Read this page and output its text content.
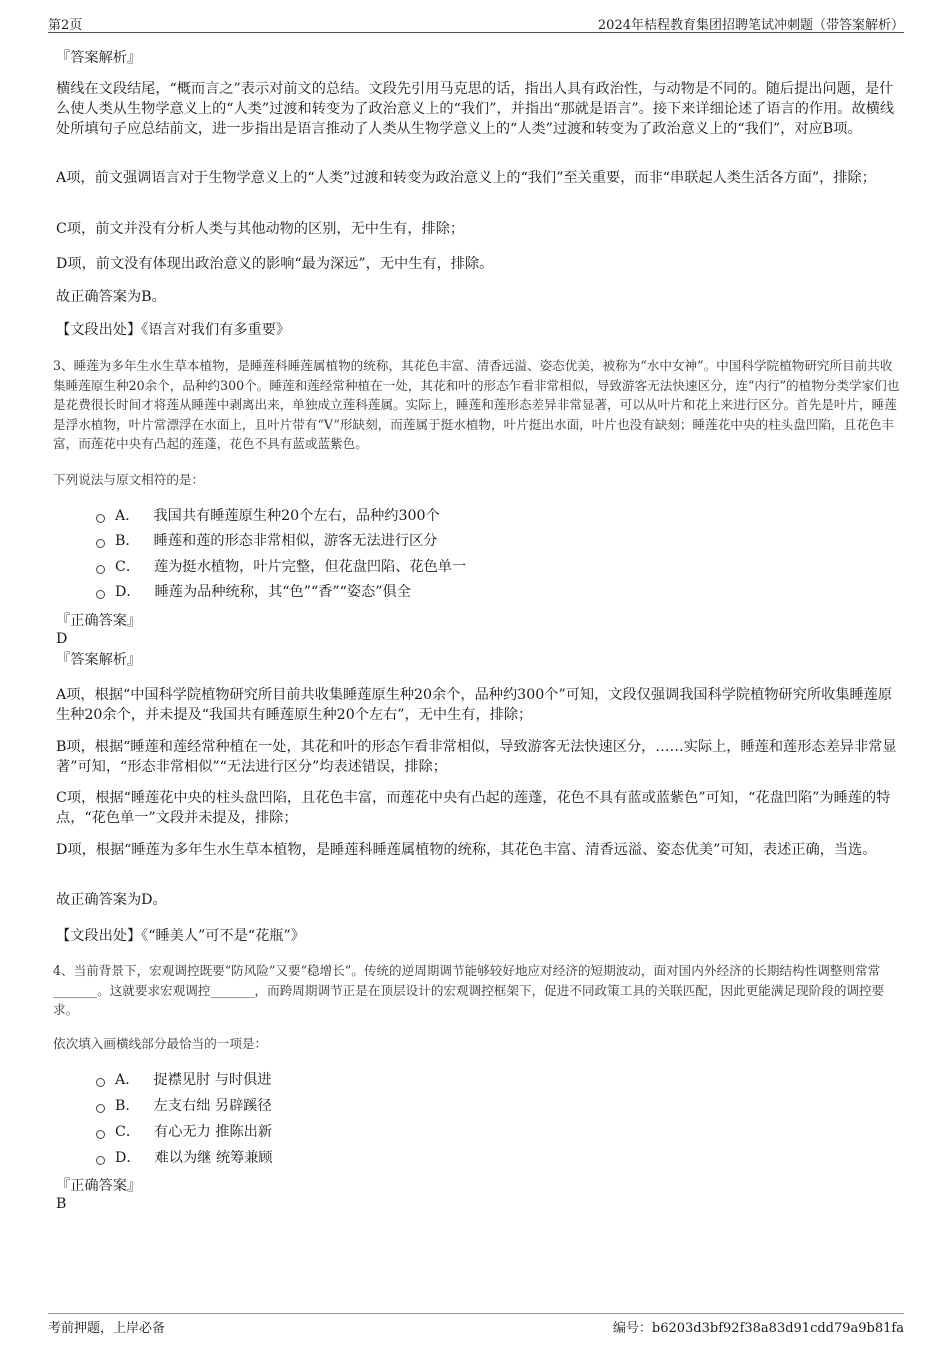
第2页	2024年桔程教育集团招聘笔试冲刺题（带答案解析）

『答案解析』

横线在文段结尾，“概而言之”表示对前文的总结。文段先引用马克思的话，指出人具有政治性，与动物是不同的。随后提出问题，是什么使人类从生物学意义上的“人类”过渡和转变为了政治意义上的“我们”，并指出“那就是语言”。接下来详细论述了语言的作用。故横线处所填句子应总结前文，进一步指出是语言推动了人类从生物学意义上的“人类”过渡和转变为了政治意义上的“我们”，对应B项。

A项，前文强调语言对于生物学意义上的“人类”过渡和转变为政治意义上的“我们”至关重要，而非“串联起人类生活各方面”，排除；

C项，前文并没有分析人类与其他动物的区别，无中生有，排除；

D项，前文没有体现出政治意义的影响“最为深远”，无中生有，排除。

故正确答案为B。

【文段出处】《语言对我们有多重要》

3、睡莲为多年生水生草本植物，是睡莲科睡莲属植物的统称，其花色丰富、清香远溢、姿态优美，被称为“水中女神”。中国科学院植物研究所目前共收集睡莲原生种20余个，品种约300个。睡莲和莲经常种植在一处，其花和叶的形态乍看非常相似，导致游客无法快速区分，连“内行”的植物分类学家们也是花费很长时间才将莲从睡莲中剥离出来，单独成立莲科莲属。实际上，睡莲和莲形态差异非常显著，可以从叶片和花上来进行区分。首先是叶片，睡莲是浮水植物，叶片常漂浮在水面上，且叶片带有“V”形缺刻，而莲属于挺水植物，叶片挺出水面，叶片也没有缺刻；睡莲花中央的柱头盘凹陷，且花色丰富，而莲花中央有凸起的莲蓬，花色不具有蓝或蓝紫色。

下列说法与原文相符的是：

A． 我国共有睡莲原生种20个左右，品种约300个
B． 睡莲和莲的形态非常相似，游客无法进行区分
C． 莲为挺水植物，叶片完整，但花盘凹陷、花色单一
D． 睡莲为品种统称，其“色”“香”“姿态”俱全

『正确答案』

D

『答案解析』

A项，根据“中国科学院植物研究所目前共收集睡莲原生种20余个，品种约300个”可知，文段仅强调我国科学院植物研究所收集睡莲原生种20余个，并未提及“我国共有睡莲原生种20个左右”，无中生有，排除；

B项，根据“睡莲和莲经常种植在一处，其花和叶的形态乍看非常相似，导致游客无法快速区分，……实际上，睡莲和莲形态差异非常显著”可知，“形态非常相似”“无法进行区分”均表述错误，排除；

C项，根据“睡莲花中央的柱头盘凹陷，且花色丰富，而莲花中央有凸起的莲蓬，花色不具有蓝或蓝紫色”可知，“花盘凹陷”为睡莲的特点，“花色单一”文段并未提及，排除；

D项，根据“睡莲为多年生水生草本植物，是睡莲科睡莲属植物的统称，其花色丰富、清香远溢、姿态优美”可知，表述正确，当选。

故正确答案为D。

【文段出处】《“睡美人”可不是“花瓶”》

4、当前背景下，宏观调控既要“防风险”又要“稳增长”。传统的逆周期调节能够较好地应对经济的短期波动，面对国内外经济的长期结构性调整则常常_______。这就要求宏观调控_______，而跨周期调节正是在顶层设计的宏观调控框架下，促进不同政策工具的关联匹配，因此更能满足现阶段的调控要求。

依次填入画横线部分最恰当的一项是：

A． 捉襟见肘 与时俱进
B． 左支右绌 另辟蹊径
C． 有心无力 推陈出新
D． 难以为继 统筹兼顾

『正确答案』

B

考前押题，上岸必备	编号：b6203d3bf92f38a83d91cdd79a9b81fa
